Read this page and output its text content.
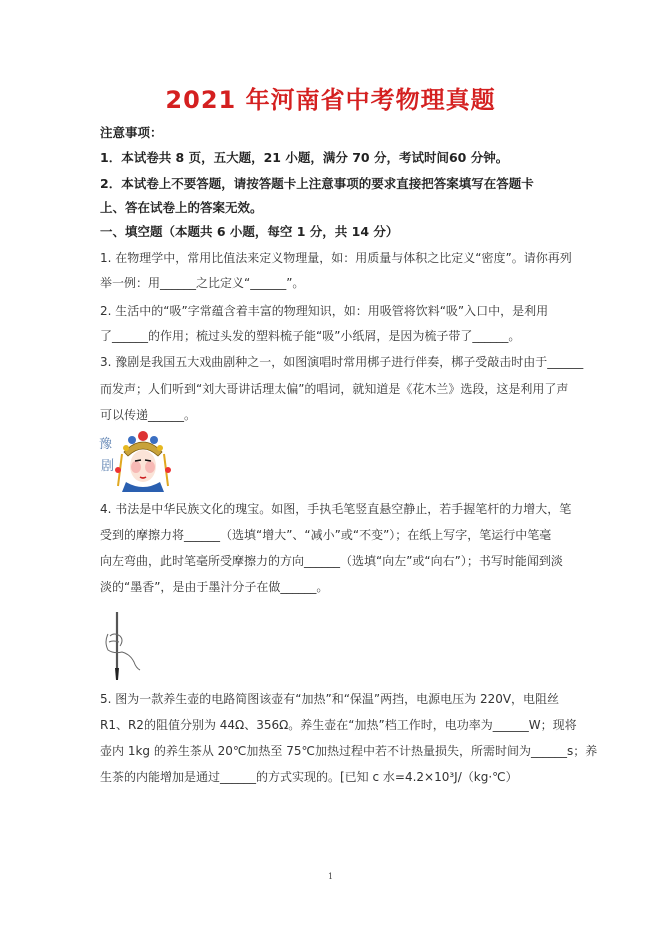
2021 年河南省中考物理真题
注意事项：
1．本试卷共 8 页，五大题，21 小题，满分 70 分，考试时间60 分钟。
2．本试卷上不要答题，请按答题卡上注意事项的要求直接把答案填写在答题卡
上、答在试卷上的答案无效。
一、填空题（本题共 6 小题，每空 1 分，共 14 分）
1. 在物理学中，常用比值法来定义物理量，如：用质量与体积之比定义“密度”。请你再列
举一例：用______之比定义“______”。
2. 生活中的“吸”字常蕴含着丰富的物理知识，如：用吸管将饮料“吸”入口中，是利用
了______的作用；梳过头发的塑料梳子能“吸”小纸屑，是因为梳子带了______。
3. 豫剧是我国五大戏曲剧种之一，如图演唱时常用梆子进行伴奏，梆子受敲击时由于______
而发声；人们听到“刘大哥讲话理太偏”的唱词，就知道是《花木兰》选段，这是利用了声
可以传递______。
豫
剧
4. 书法是中华民族文化的瑰宝。如图，手执毛笔竖直悬空静止，若手握笔杆的力增大，笔
受到的摩擦力将______（选填“增大”、“减小”或“不变”）；在纸上写字，笔运行中笔毫
向左弯曲，此时笔毫所受摩擦力的方向______（选填“向左”或“向右”）；书写时能闻到淡
淡的“墨香”，是由于墨汁分子在做______。
5. 图为一款养生壶的电路简图该壶有“加热”和“保温”两挡，电源电压为 220V，电阻丝
R1、R2的阻值分别为 44Ω、356Ω。养生壶在“加热”档工作时，电功率为______W；现将
壶内 1kg 的养生茶从 20℃加热至 75℃加热过程中若不计热量损失，所需时间为______s；养
生茶的内能增加是通过______的方式实现的。[已知 c 水=4.2×10³J/（kg·℃）
1
